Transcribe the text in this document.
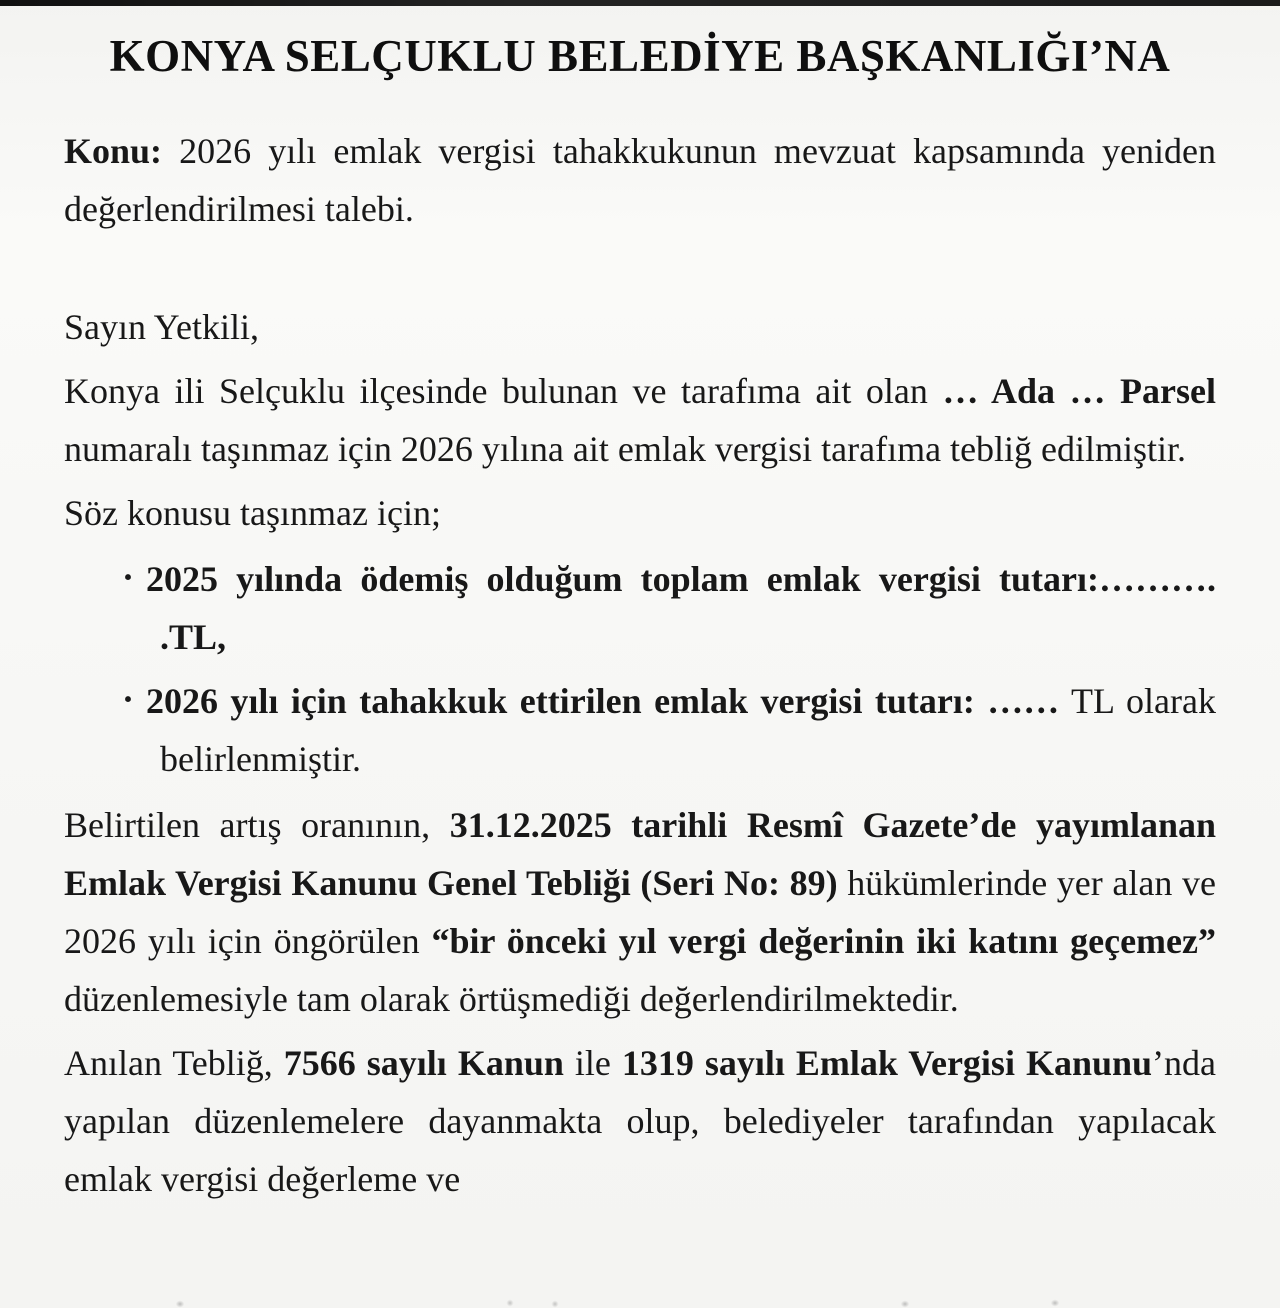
KONYA SELÇUKLU BELEDİYE BAŞKANLIĞI’NA

Konu: 2026 yılı emlak vergisi tahakkukunun mevzuat kapsamında yeniden değerlendirilmesi talebi.

Sayın Yetkili,

Konya ili Selçuklu ilçesinde bulunan ve tarafıma ait olan … Ada … Parsel numaralı taşınmaz için 2026 yılına ait emlak vergisi tarafıma tebliğ edilmiştir.

Söz konusu taşınmaz için;

· 2025 yılında ödemiş olduğum toplam emlak vergisi tutarı:………. .TL,
· 2026 yılı için tahakkuk ettirilen emlak vergisi tutarı: …… TL olarak belirlenmiştir.

Belirtilen artış oranının, 31.12.2025 tarihli Resmî Gazete’de yayımlanan Emlak Vergisi Kanunu Genel Tebliği (Seri No: 89) hükümlerinde yer alan ve 2026 yılı için öngörülen “bir önceki yıl vergi değerinin iki katını geçemez” düzenlemesiyle tam olarak örtüşmediği değerlendirilmektedir.

Anılan Tebliğ, 7566 sayılı Kanun ile 1319 sayılı Emlak Vergisi Kanunu’nda yapılan düzenlemelere dayanmakta olup, belediyeler tarafından yapılacak emlak vergisi değerleme ve
